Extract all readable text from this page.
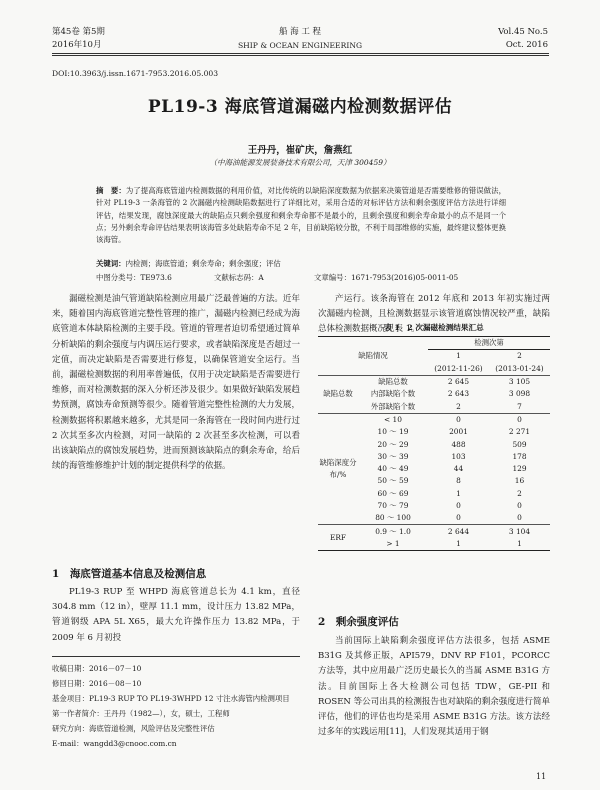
第45卷 第5期
2016年10月
船 海 工 程
SHIP & OCEAN ENGINEERING
Vol.45 No.5
Oct. 2016
DOI:10.3963/j.issn.1671-7953.2016.05.003
PL19-3 海底管道漏磁内检测数据评估
王丹丹，崔矿庆，詹燕红
（中海油能源发展装备技术有限公司，天津 300459）
摘　要：为了提高海底管道内检测数据的利用价值，对比传统的以缺陷深度数据为依据来决策管道是否需要维修的错误做法，针对 PL19-3 一条海管的 2 次漏磁内检测缺陷数据进行了详细比对，采用合适的对标评估方法和剩余强度评估方法进行详细评估，结果发现，腐蚀深度最大的缺陷点只剩余强度和剩余寿命都不是最小的，且剩余强度和剩余寿命最小的点不是同一个点；另外剩余寿命评估结果表明该海管多处缺陷寿命不足 2 年，目前缺陷较分散，不利于局部维修的实施，最终建议整体更换该海管。
关键词：内检测；海底管道；剩余寿命；剩余强度；评估
中图分类号：TE973.6	文献标志码：A	文章编号：1671-7953(2016)05-0011-05
漏磁检测是油气管道缺陷检测应用最广泛最普遍的方法。近年来，随着国内海底管道完整性管理的推广，漏磁内检测已经成为海底管道本体缺陷检测的主要手段。管道的管理者迫切希望通过简单分析缺陷的剩余强度与内调压运行要求，或者缺陷深度是否超过一定值，而决定缺陷是否需要进行修复，以确保管道安全运行。当前，漏磁检测数据的利用率普遍低，仅用于决定缺陷是否需要进行维修，而对检测数据的深入分析还涉及很少。如果做好缺陷发展趋势预测，腐蚀寿命预测等很少。随着管道完整性检测的大力发展，检测数据将积累越来越多，尤其是同一条海管在一段时间内进行过 2 次其至多次内检测，对同一缺陷的 2 次甚至多次检测，可以看出该缺陷点的腐蚀发展趋势，进而预测该缺陷点的剩余寿命，给后续的海管维修维护计划的制定提供科学的依据。
1　 海底管道基本信息及检测信息
PL19-3 RUP 至 WHPD 海底管道总长为 4.1 km，直径 304.8 mm（12 in），壁厚 11.1 mm，设计压力 13.82 MPa，管道钢级 APA 5L X65，最大允许操作压力 13.82 MPa，于 2009 年 6 月初投
收稿日期：2016－07－10
修回日期：2016－08－10
基金项目：PL19-3 RUP TO PL19-3WHPD 12 寸注水海管内检测项目
第一作者简介：王丹丹（1982—），女，硕士，工程师
研究方向：海底管道检测，风险评估及完整性评估
E-mail：wangdd3@cnooc.com.cn
产运行。该条海管在 2012 年底和 2013 年初实施过两次漏磁内检测，且检测数据显示该管道腐蚀情况较严重，缺陷总体检测数据概况见表 1。
表 1　2 次漏磁检测结果汇总
缺陷情况		检测次第	
		1	2
		(2012-11-26)	(2013-01-24)
缺陷总数	缺陷总数	2 645	3 105
	内部缺陷个数	2 643	3 098
	外部缺陷个数	2	7
缺陷深度分布/%	< 10	0	0
	10 ～ 19	2001	2 271
	20 ～ 29	488	509
	30 ～ 39	103	178
	40 ～ 49	44	129
	50 ～ 59	8	16
	60 ～ 69	1	2
	70 ～ 79	0	0
	80 ～ 100	0	0
ERF	0.9 ～ 1.0	2 644	3 104
	> 1	1	1
2　 剩余强度评估
当前国际上缺陷剩余强度评估方法很多，包括 ASME B31G 及其修正版，API579，DNV RP F101，PCORCC 方法等，其中应用最广泛历史最长久的当属 ASME B31G 方法。目前国际上各大检测公司包括 TDW，GE-PII 和 ROSEN 等公司出具的检测报告也对缺陷的剩余强度进行简单评估，他们的评估也均是采用 ASME B31G 方法。该方法经过多年的实践运用[11]，人们发现其适用于钢
11
